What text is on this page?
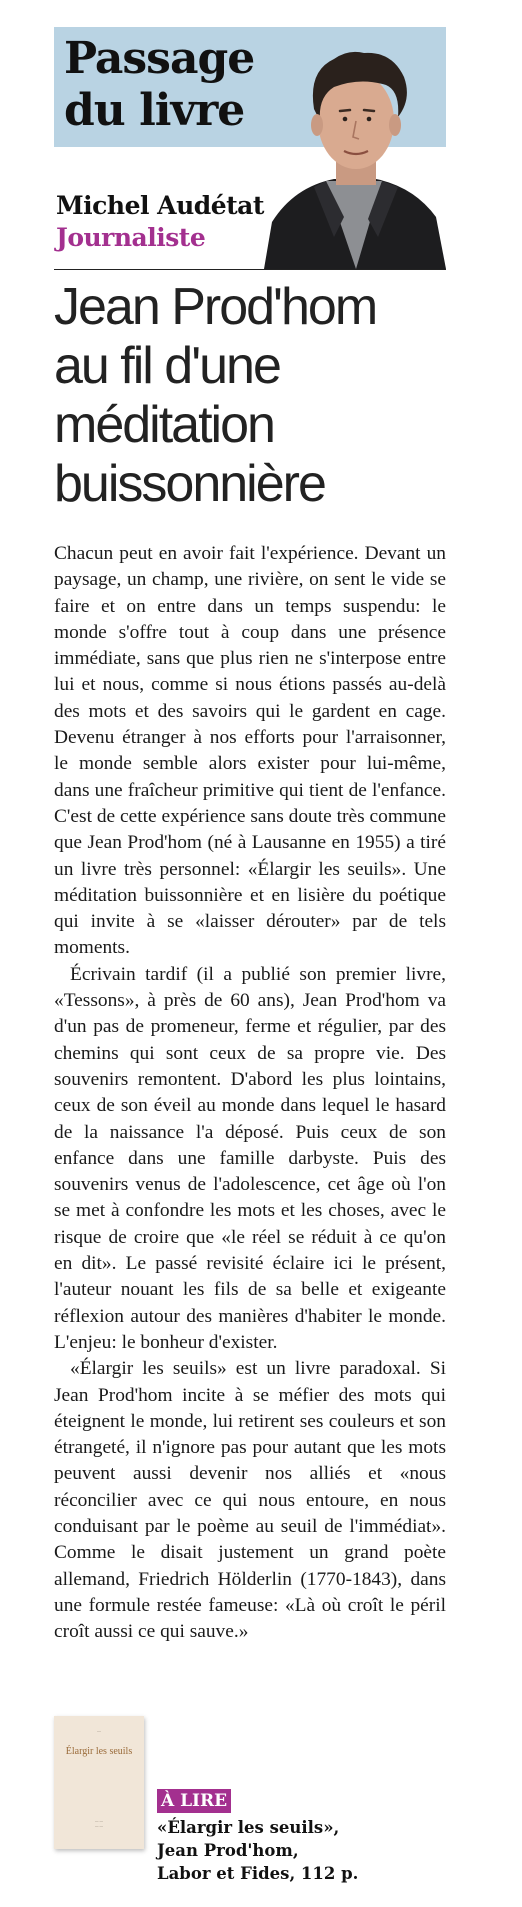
Passage
du livre
Michel Audétat
Journaliste
Jean Prod'hom
au fil d'une
méditation
buissonnière

Chacun peut en avoir fait l'expérience. Devant un paysage, un champ, une rivière, on sent le vide se faire et on entre dans un temps suspendu: le monde s'offre tout à coup dans une présence immédiate, sans que plus rien ne s'interpose entre lui et nous, comme si nous étions passés au-delà des mots et des savoirs qui le gardent en cage. Devenu étranger à nos efforts pour l'arraisonner, le monde semble alors exister pour lui-même, dans une fraîcheur primitive qui tient de l'enfance. C'est de cette expérience sans doute très commune que Jean Prod'hom (né à Lausanne en 1955) a tiré un livre très personnel: «Élargir les seuils». Une méditation buissonnière et en lisière du poétique qui invite à se «laisser dérouter» par de tels moments.

Écrivain tardif (il a publié son premier livre, «Tessons», à près de 60 ans), Jean Prod'hom va d'un pas de promeneur, ferme et régulier, par des chemins qui sont ceux de sa propre vie. Des souvenirs remontent. D'abord les plus lointains, ceux de son éveil au monde dans lequel le hasard de la naissance l'a déposé. Puis ceux de son enfance dans une famille darbyste. Puis des souvenirs venus de l'adolescence, cet âge où l'on se met à confondre les mots et les choses, avec le risque de croire que «le réel se réduit à ce qu'on en dit». Le passé revisité éclaire ici le présent, l'auteur nouant les fils de sa belle et exigeante réflexion autour des manières d'habiter le monde. L'enjeu: le bonheur d'exister.

«Élargir les seuils» est un livre paradoxal. Si Jean Prod'hom incite à se méfier des mots qui éteignent le monde, lui retirent ses couleurs et son étrangeté, il n'ignore pas pour autant que les mots peuvent aussi devenir nos alliés et «nous réconcilier avec ce qui nous entoure, en nous conduisant par le poème au seuil de l'immédiat». Comme le disait justement un grand poète allemand, Friedrich Hölderlin (1770-1843), dans une formule restée fameuse: «Là où croît le péril croît aussi ce qui sauve.»

—
Élargir les seuils
— —
— —
À LIRE
«Élargir les seuils»,
Jean Prod'hom,
Labor et Fides, 112 p.
